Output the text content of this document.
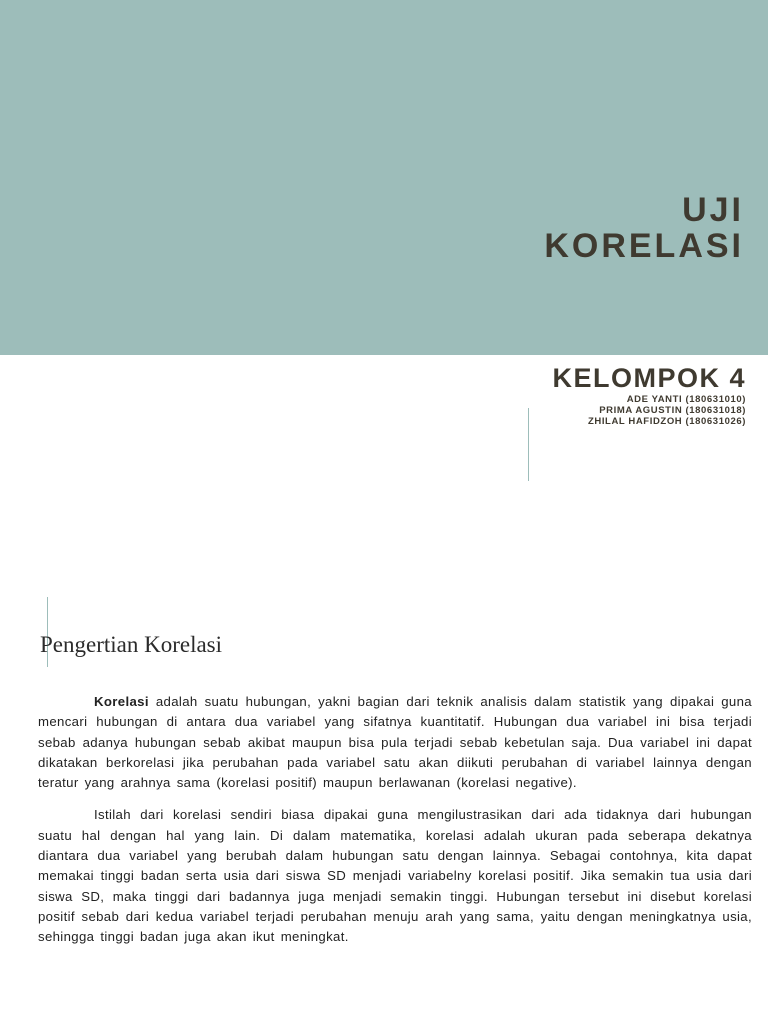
UJI
KORELASI
KELOMPOK 4
ADE YANTI (180631010)
PRIMA AGUSTIN (180631018)
ZHILAL HAFIDZOH (180631026)
Pengertian Korelasi

Korelasi adalah suatu hubungan, yakni bagian dari teknik analisis dalam statistik yang dipakai guna mencari hubungan di antara dua variabel yang sifatnya kuantitatif. Hubungan dua variabel ini bisa terjadi sebab adanya hubungan sebab akibat maupun bisa pula terjadi sebab kebetulan saja. Dua variabel ini dapat dikatakan berkorelasi jika perubahan pada variabel satu akan diikuti perubahan di variabel lainnya dengan teratur yang arahnya sama (korelasi positif) maupun berlawanan (korelasi negative).

Istilah dari korelasi sendiri biasa dipakai guna mengilustrasikan dari ada tidaknya dari hubungan suatu hal dengan hal yang lain. Di dalam matematika, korelasi adalah ukuran pada seberapa dekatnya diantara dua variabel yang berubah dalam hubungan satu dengan lainnya. Sebagai contohnya, kita dapat memakai tinggi badan serta usia dari siswa SD menjadi variabelny korelasi positif. Jika semakin tua usia dari siswa SD, maka tinggi dari badannya juga menjadi semakin tinggi. Hubungan tersebut ini disebut korelasi positif sebab dari kedua variabel terjadi perubahan menuju arah yang sama, yaitu dengan meningkatnya usia, sehingga tinggi badan juga akan ikut meningkat.
